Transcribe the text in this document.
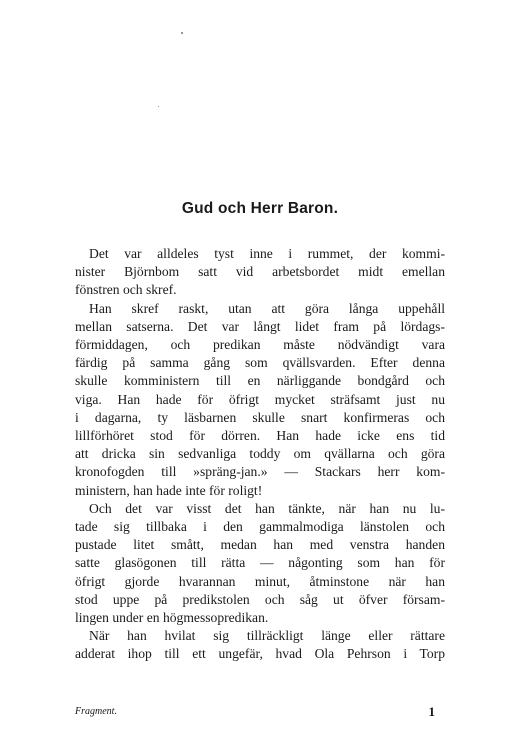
Gud och Herr Baron.
Det var alldeles tyst inne i rummet, der kommi-
nister Björnbom satt vid arbetsbordet midt emellan
fönstren och skref.
Han skref raskt, utan att göra långa uppehåll
mellan satserna. Det var långt lidet fram på lördags-
förmiddagen, och predikan måste nödvändigt vara
färdig på samma gång som qvällsvarden. Efter denna
skulle komministern till en närliggande bondgård och
viga. Han hade för öfrigt mycket sträfsamt just nu
i dagarna, ty läsbarnen skulle snart konfirmeras och
lillförhöret stod för dörren. Han hade icke ens tid
att dricka sin sedvanliga toddy om qvällarna och göra
kronofogden till »spräng-jan.» — Stackars herr kom-
ministern, han hade inte för roligt!
Och det var visst det han tänkte, när han nu lu-
tade sig tillbaka i den gammalmodiga länstolen och
pustade litet smått, medan han med venstra handen
satte glasögonen till rätta — någonting som han för
öfrigt gjorde hvarannan minut, åtminstone när han
stod uppe på predikstolen och såg ut öfver försam-
lingen under en högmessopredikan.
När han hvilat sig tillräckligt länge eller rättare
adderat ihop till ett ungefär, hvad Ola Pehrson i Torp
Fragment.	1
